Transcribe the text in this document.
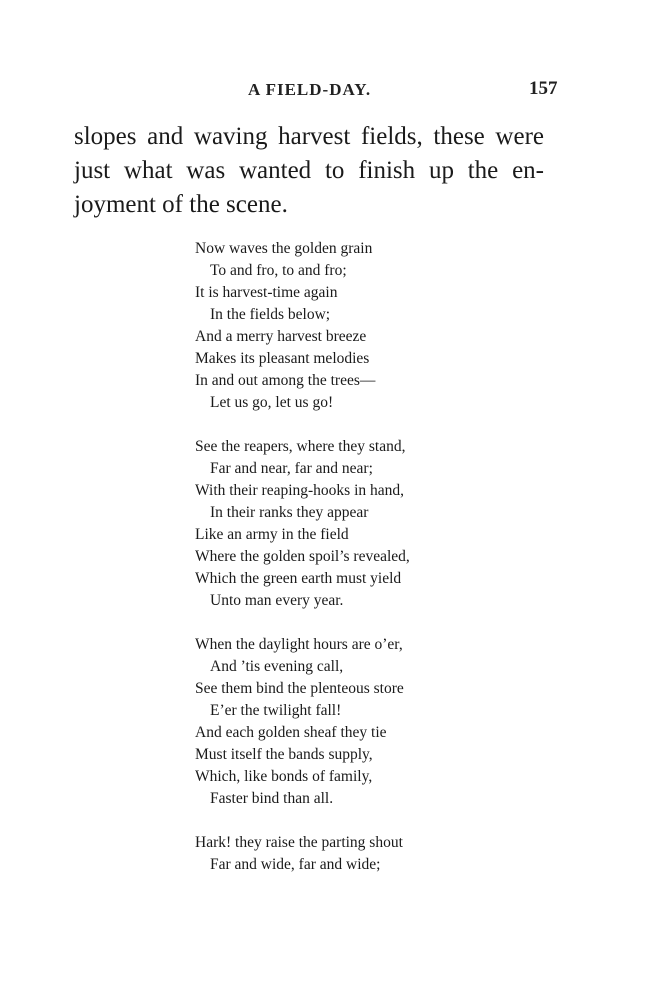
A FIELD-DAY.	157
slopes and waving harvest fields, these were
just what was wanted to finish up the en-
joyment of the scene.
Now waves the golden grain
To and fro, to and fro;
It is harvest-time again
In the fields below;
And a merry harvest breeze
Makes its pleasant melodies
In and out among the trees—
Let us go, let us go!
See the reapers, where they stand,
Far and near, far and near;
With their reaping-hooks in hand,
In their ranks they appear
Like an army in the field
Where the golden spoil’s revealed,
Which the green earth must yield
Unto man every year.
When the daylight hours are o’er,
And ’tis evening call,
See them bind the plenteous store
E’er the twilight fall!
And each golden sheaf they tie
Must itself the bands supply,
Which, like bonds of family,
Faster bind than all.
Hark! they raise the parting shout
Far and wide, far and wide;
